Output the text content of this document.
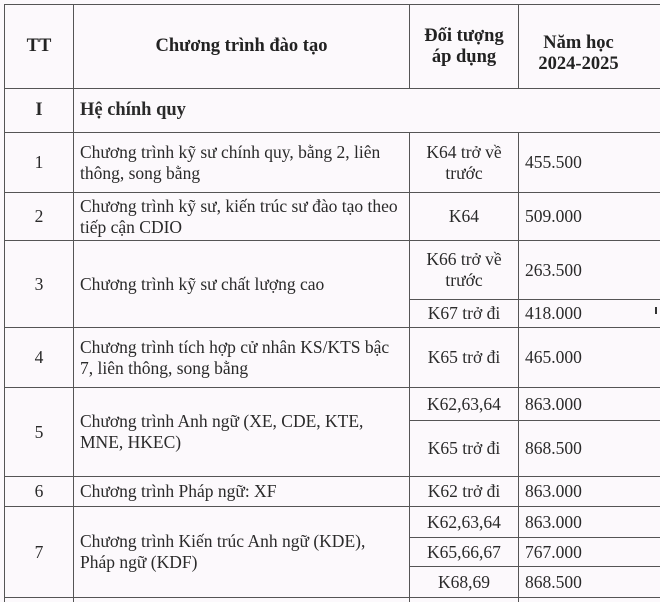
TT	Chương trình đào tạo	Đối tượng áp dụng	Năm học 2024-2025
I	Hệ chính quy		
1	Chương trình kỹ sư chính quy, bằng 2, liên thông, song bằng	K64 trở về trước	455.500
2	Chương trình kỹ sư, kiến trúc sư đào tạo theo tiếp cận CDIO	K64	509.000
3	Chương trình kỹ sư chất lượng cao	K66 trở về trước	263.500
		K67 trở đi	418.000
4	Chương trình tích hợp cử nhân KS/KTS bậc 7, liên thông, song bằng	K65 trở đi	465.000
5	Chương trình Anh ngữ (XE, CDE, KTE, MNE, HKEC)	K62,63,64	863.000
		K65 trở đi	868.500
6	Chương trình Pháp ngữ: XF	K62 trở đi	863.000
7	Chương trình Kiến trúc Anh ngữ (KDE), Pháp ngữ (KDF)	K62,63,64	863.000
		K65,66,67	767.000
		K68,69	868.500
